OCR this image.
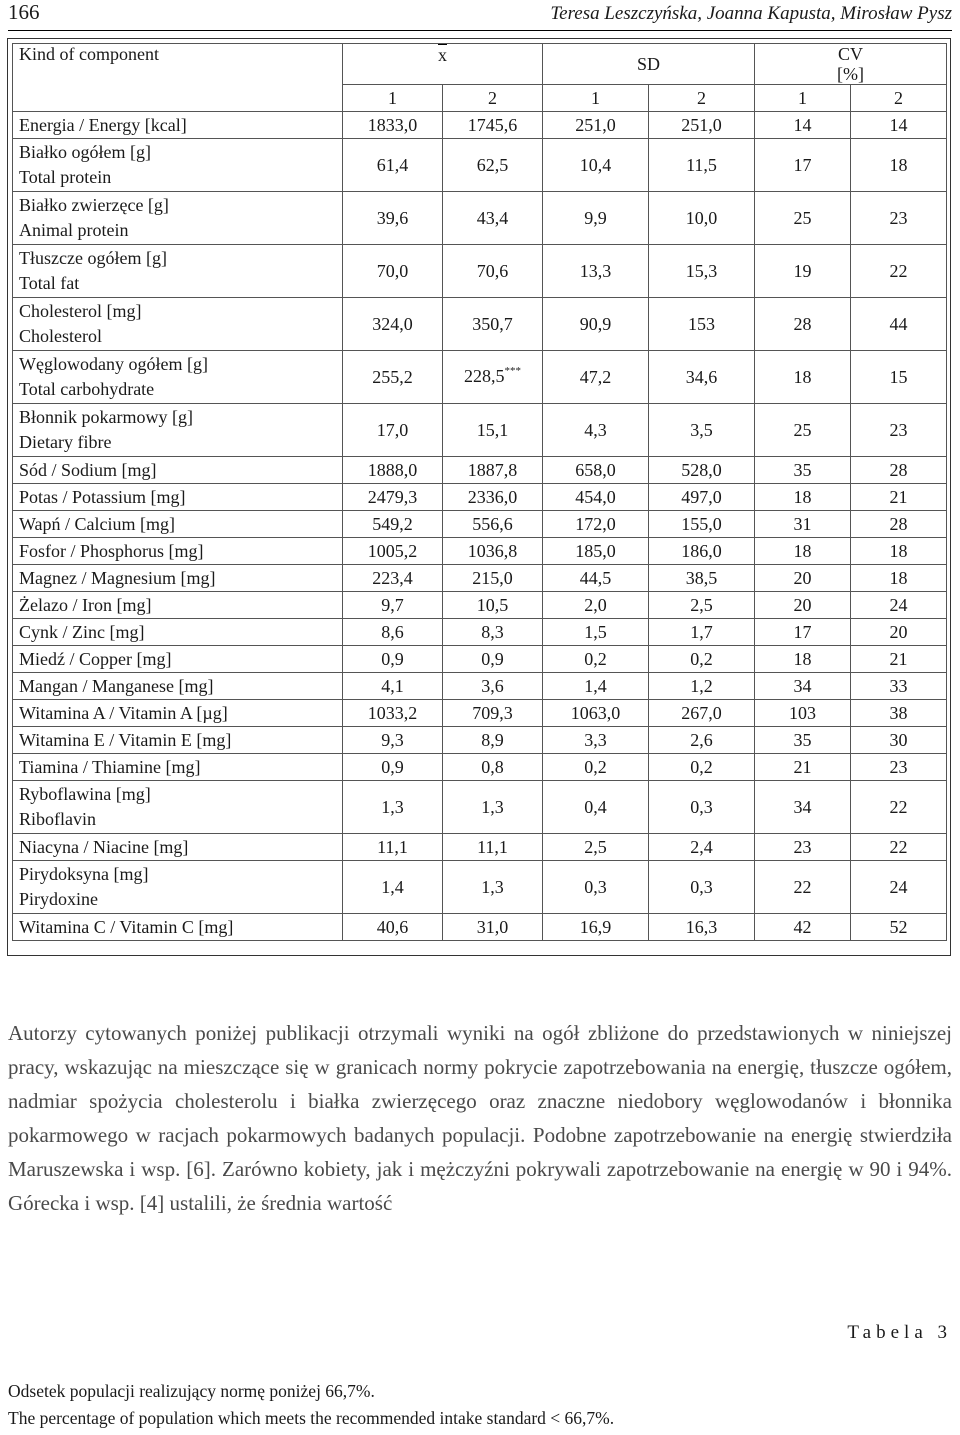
166	Teresa Leszczyńska, Joanna Kapusta, Mirosław Pysz
Kind of component	x		SD		CV
[%]	

	1	2	1	2	1	2

Energia / Energy [kcal]	1833,0	1745,6	251,0	251,0	14	14

Białko ogółem [g]
Total protein	61,4	62,5	10,4	11,5	17	18

Białko zwierzęce [g]
Animal protein	39,6	43,4	9,9	10,0	25	23

Tłuszcze ogółem [g]
Total fat	70,0	70,6	13,3	15,3	19	22

Cholesterol [mg]
Cholesterol	324,0	350,7	90,9	153	28	44

Węglowodany ogółem [g]
Total carbohydrate	255,2	228,5***	47,2	34,6	18	15

Błonnik pokarmowy [g]
Dietary fibre	17,0	15,1	4,3	3,5	25	23

Sód / Sodium [mg]	1888,0	1887,8	658,0	528,0	35	28

Potas / Potassium [mg]	2479,3	2336,0	454,0	497,0	18	21

Wapń / Calcium [mg]	549,2	556,6	172,0	155,0	31	28

Fosfor / Phosphorus [mg]	1005,2	1036,8	185,0	186,0	18	18

Magnez / Magnesium [mg]	223,4	215,0	44,5	38,5	20	18

Żelazo / Iron [mg]	9,7	10,5	2,0	2,5	20	24

Cynk / Zinc [mg]	8,6	8,3	1,5	1,7	17	20

Miedź / Copper [mg]	0,9	0,9	0,2	0,2	18	21

Mangan / Manganese [mg]	4,1	3,6	1,4	1,2	34	33

Witamina A / Vitamin A [µg]	1033,2	709,3	1063,0	267,0	103	38

Witamina E / Vitamin E [mg]	9,3	8,9	3,3	2,6	35	30

Tiamina / Thiamine [mg]	0,9	0,8	0,2	0,2	21	23

Ryboflawina [mg]
Riboflavin	1,3	1,3	0,4	0,3	34	22

Niacyna / Niacine [mg]	11,1	11,1	2,5	2,4	23	22

Pirydoksyna [mg]
Pirydoxine	1,4	1,3	0,3	0,3	22	24

Witamina C / Vitamin C [mg]	40,6	31,0	16,9	16,3	42	52
Autorzy cytowanych poniżej publikacji otrzymali wyniki na ogół zbliżone do przedstawionych w niniejszej pracy, wskazując na mieszczące się w granicach normy pokrycie zapotrzebowania na energię, tłuszcze ogółem, nadmiar spożycia cholesterolu i białka zwierzęcego oraz znaczne niedobory węglowodanów i błonnika pokarmowego w racjach pokarmowych badanych populacji. Podobne zapotrzebowanie na energię stwierdziła Maruszewska i wsp. [6]. Zarówno kobiety, jak i mężczyźni pokrywali zapotrzebowanie na energię w 90 i 94%. Górecka i wsp. [4] ustalili, że średnia wartość
Tabela 3
Odsetek populacji realizujący normę poniżej 66,7%.
The percentage of population which meets the recommended intake standard < 66,7%.
